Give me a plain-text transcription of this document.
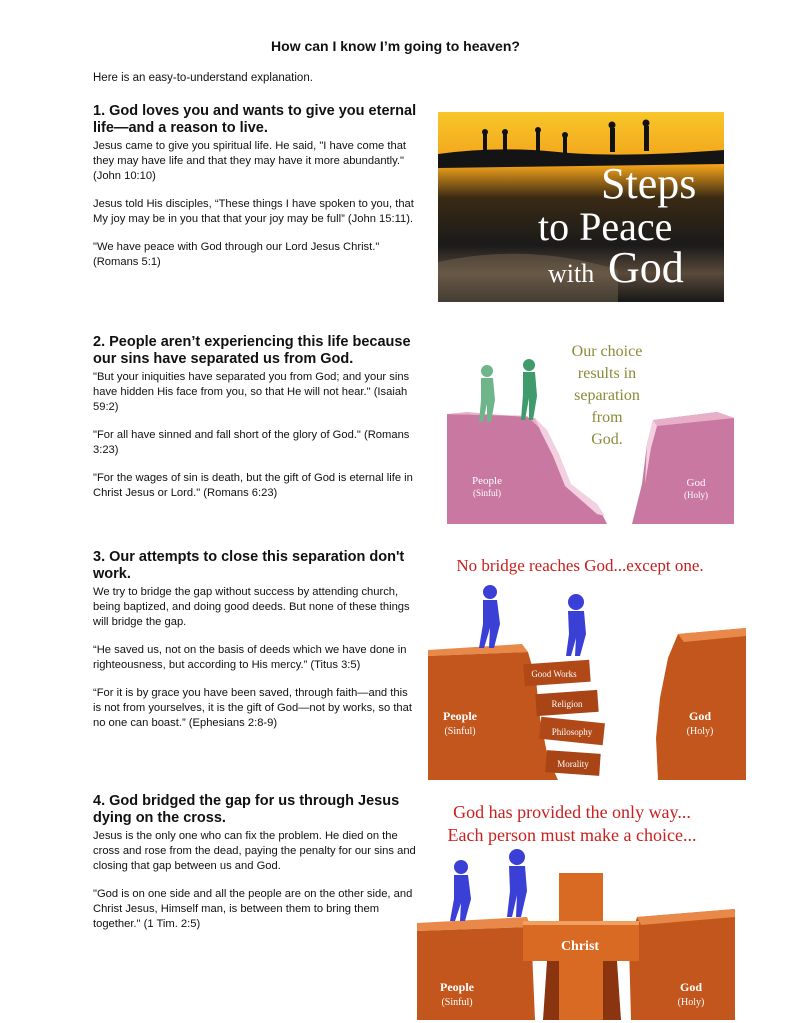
How can I know I’m going to heaven?
Here is an easy-to-understand explanation.
1. God loves you and wants to give you eternal life—and a reason to live.

Jesus came to give you spiritual life. He said, "I have come that they may have life and that they may have it more abundantly." (John 10:10)

Jesus told His disciples, “These things I have spoken to you, that My joy may be in you that that your joy may be full” (John 15:11).

"We have peace with God through our Lord Jesus Christ." (Romans 5:1)

2. People aren’t experiencing this life because our sins have separated us from God.

"But your iniquities have separated you from God; and your sins have hidden His face from you, so that He will not hear." (Isaiah 59:2)

"For all have sinned and fall short of the glory of God." (Romans 3:23)

"For the wages of sin is death, but the gift of God is eternal life in Christ Jesus or Lord." (Romans 6:23)

3. Our attempts to close this separation don't work.

We try to bridge the gap without success by attending church, being baptized, and doing good deeds. But none of these things will bridge the gap.

“He saved us, not on the basis of deeds which we have done in righteousness, but according to His mercy.” (Titus 3:5)

“For it is by grace you have been saved, through faith—and this is not from yourselves, it is the gift of God—not by works, so that no one can boast.” (Ephesians 2:8-9)

4. God bridged the gap for us through Jesus dying on the cross.

Jesus is the only one who can fix the problem. He died on the cross and rose from the dead, paying the penalty for our sins and closing that gap between us and God.

"God is on one side and all the people are on the other side, and Christ Jesus, Himself man, is between them to bring them together." (1 Tim. 2:5)

Steps
to Peace
with God
Our choice
results in
separation
from
God.
People
(Sinful)
God
(Holy)
No bridge reaches God...except one.
Good Works
Religion
Philosophy
Morality
People
(Sinful)
God
(Holy)
God has provided the only way...
Each person must make a choice...
Christ
People
(Sinful)
God
(Holy)
